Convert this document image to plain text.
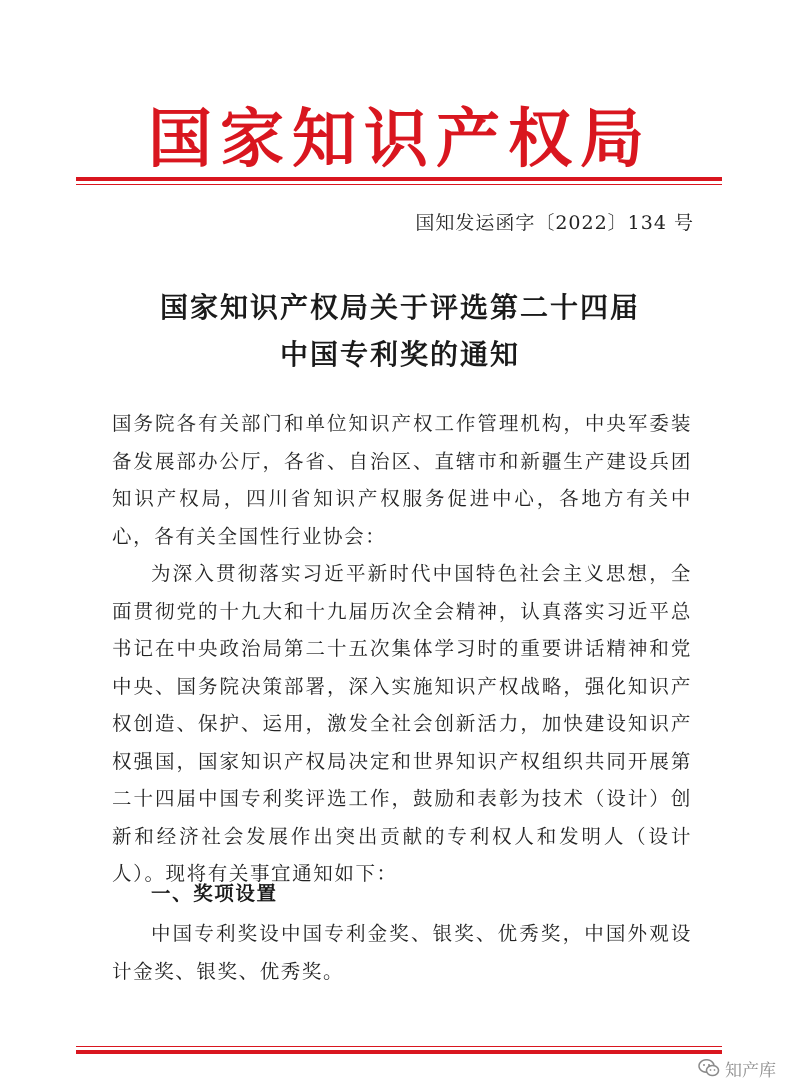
国家知识产权局
国知发运函字〔2022〕134 号
国家知识产权局关于评选第二十四届
中国专利奖的通知

国务院各有关部门和单位知识产权工作管理机构，中央军委装备发展部办公厅，各省、自治区、直辖市和新疆生产建设兵团知识产权局，四川省知识产权服务促进中心，各地方有关中心，各有关全国性行业协会：

为深入贯彻落实习近平新时代中国特色社会主义思想，全面贯彻党的十九大和十九届历次全会精神，认真落实习近平总书记在中央政治局第二十五次集体学习时的重要讲话精神和党中央、国务院决策部署，深入实施知识产权战略，强化知识产权创造、保护、运用，激发全社会创新活力，加快建设知识产权强国，国家知识产权局决定和世界知识产权组织共同开展第二十四届中国专利奖评选工作，鼓励和表彰为技术（设计）创新和经济社会发展作出突出贡献的专利权人和发明人（设计人）。现将有关事宜通知如下：

一、奖项设置

中国专利奖设中国专利金奖、银奖、优秀奖，中国外观设计金奖、银奖、优秀奖。

知产库
